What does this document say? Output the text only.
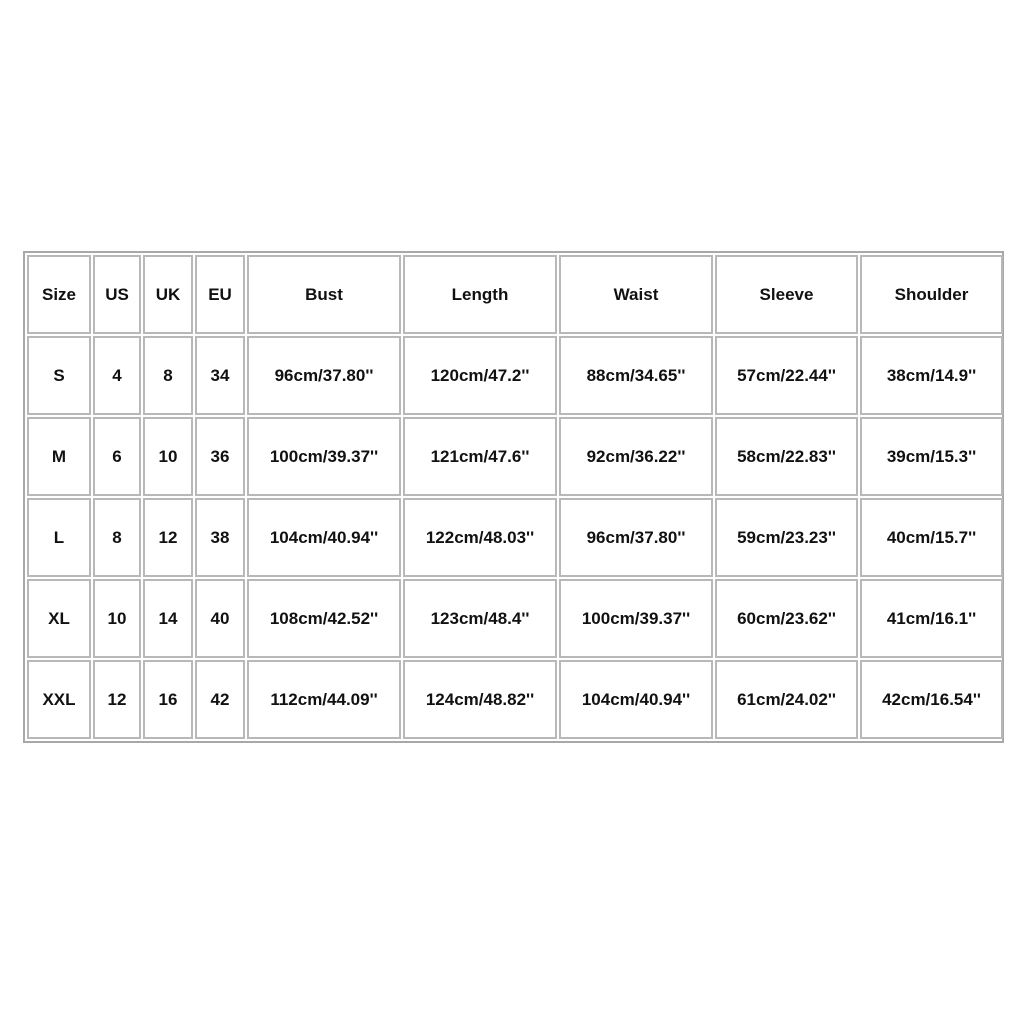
Size	US	UK	EU	Bust	Length	Waist	Sleeve	Shoulder
S	4	8	34	96cm/37.80''	120cm/47.2''	88cm/34.65''	57cm/22.44''	38cm/14.9''
M	6	10	36	100cm/39.37''	121cm/47.6''	92cm/36.22''	58cm/22.83''	39cm/15.3''
L	8	12	38	104cm/40.94''	122cm/48.03''	96cm/37.80''	59cm/23.23''	40cm/15.7''
XL	10	14	40	108cm/42.52''	123cm/48.4''	100cm/39.37''	60cm/23.62''	41cm/16.1''
XXL	12	16	42	112cm/44.09''	124cm/48.82''	104cm/40.94''	61cm/24.02''	42cm/16.54''
